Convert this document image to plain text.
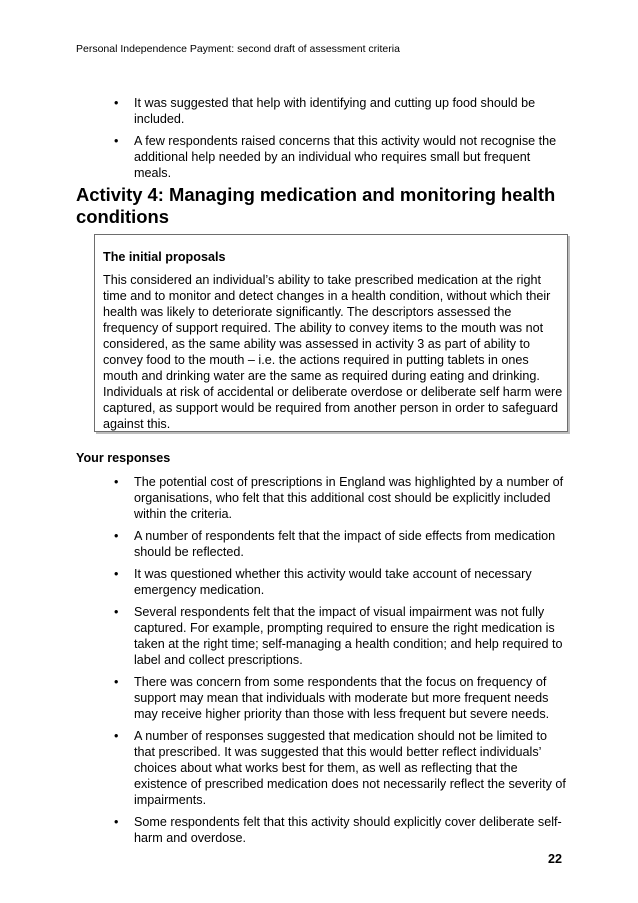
Personal Independence Payment: second draft of assessment criteria
• It was suggested that help with identifying and cutting up food should be included.
• A few respondents raised concerns that this activity would not recognise the additional help needed by an individual who requires small but frequent meals.
Activity 4: Managing medication and monitoring health conditions
The initial proposals

This considered an individual’s ability to take prescribed medication at the right time and to monitor and detect changes in a health condition, without which their health was likely to deteriorate significantly. The descriptors assessed the frequency of support required. The ability to convey items to the mouth was not considered, as the same ability was assessed in activity 3 as part of ability to convey food to the mouth – i.e. the actions required in putting tablets in ones mouth and drinking water are the same as required during eating and drinking. Individuals at risk of accidental or deliberate overdose or deliberate self harm were captured, as support would be required from another person in order to safeguard against this.

Your responses
• The potential cost of prescriptions in England was highlighted by a number of organisations, who felt that this additional cost should be explicitly included within the criteria.
• A number of respondents felt that the impact of side effects from medication should be reflected.
• It was questioned whether this activity would take account of necessary emergency medication.
• Several respondents felt that the impact of visual impairment was not fully captured. For example, prompting required to ensure the right medication is taken at the right time; self-managing a health condition; and help required to label and collect prescriptions.
• There was concern from some respondents that the focus on frequency of support may mean that individuals with moderate but more frequent needs may receive higher priority than those with less frequent but severe needs.
• A number of responses suggested that medication should not be limited to that prescribed. It was suggested that this would better reflect individuals’ choices about what works best for them, as well as reflecting that the existence of prescribed medication does not necessarily reflect the severity of impairments.
• Some respondents felt that this activity should explicitly cover deliberate self-harm and overdose.
22
